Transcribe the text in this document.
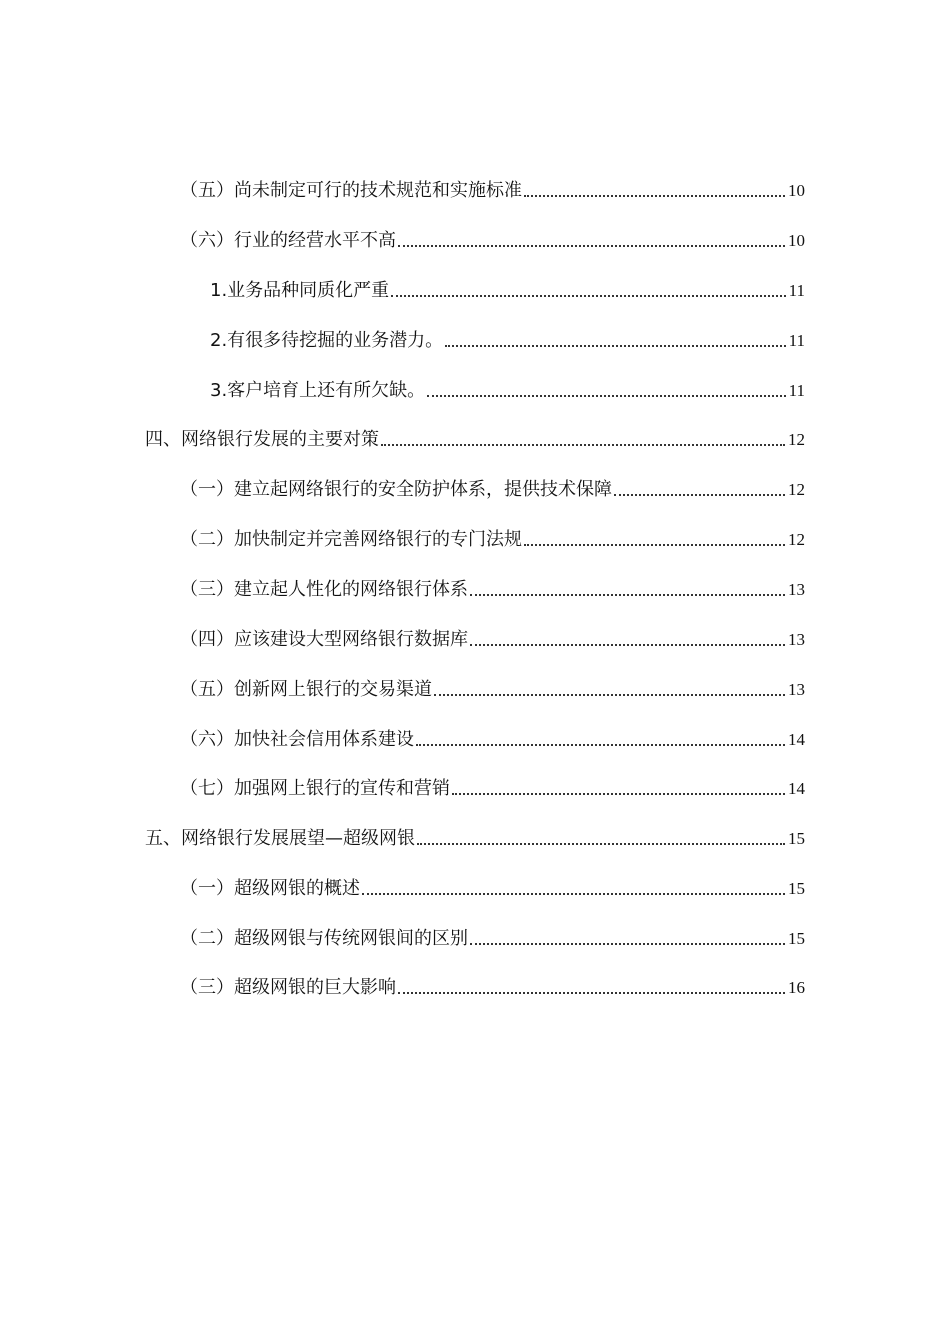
（五）尚未制定可行的技术规范和实施标准	10
（六）行业的经营水平不高	10
1.业务品种同质化严重	11
2.有很多待挖掘的业务潜力。	11
3.客户培育上还有所欠缺。	11
四、网络银行发展的主要对策	12
（一）建立起网络银行的安全防护体系，提供技术保障	12
（二）加快制定并完善网络银行的专门法规	12
（三）建立起人性化的网络银行体系	13
（四）应该建设大型网络银行数据库	13
（五）创新网上银行的交易渠道	13
（六）加快社会信用体系建设	14
（七）加强网上银行的宣传和营销	14
五、网络银行发展展望—超级网银	15
（一）超级网银的概述	15
（二）超级网银与传统网银间的区别	15
（三）超级网银的巨大影响	16
